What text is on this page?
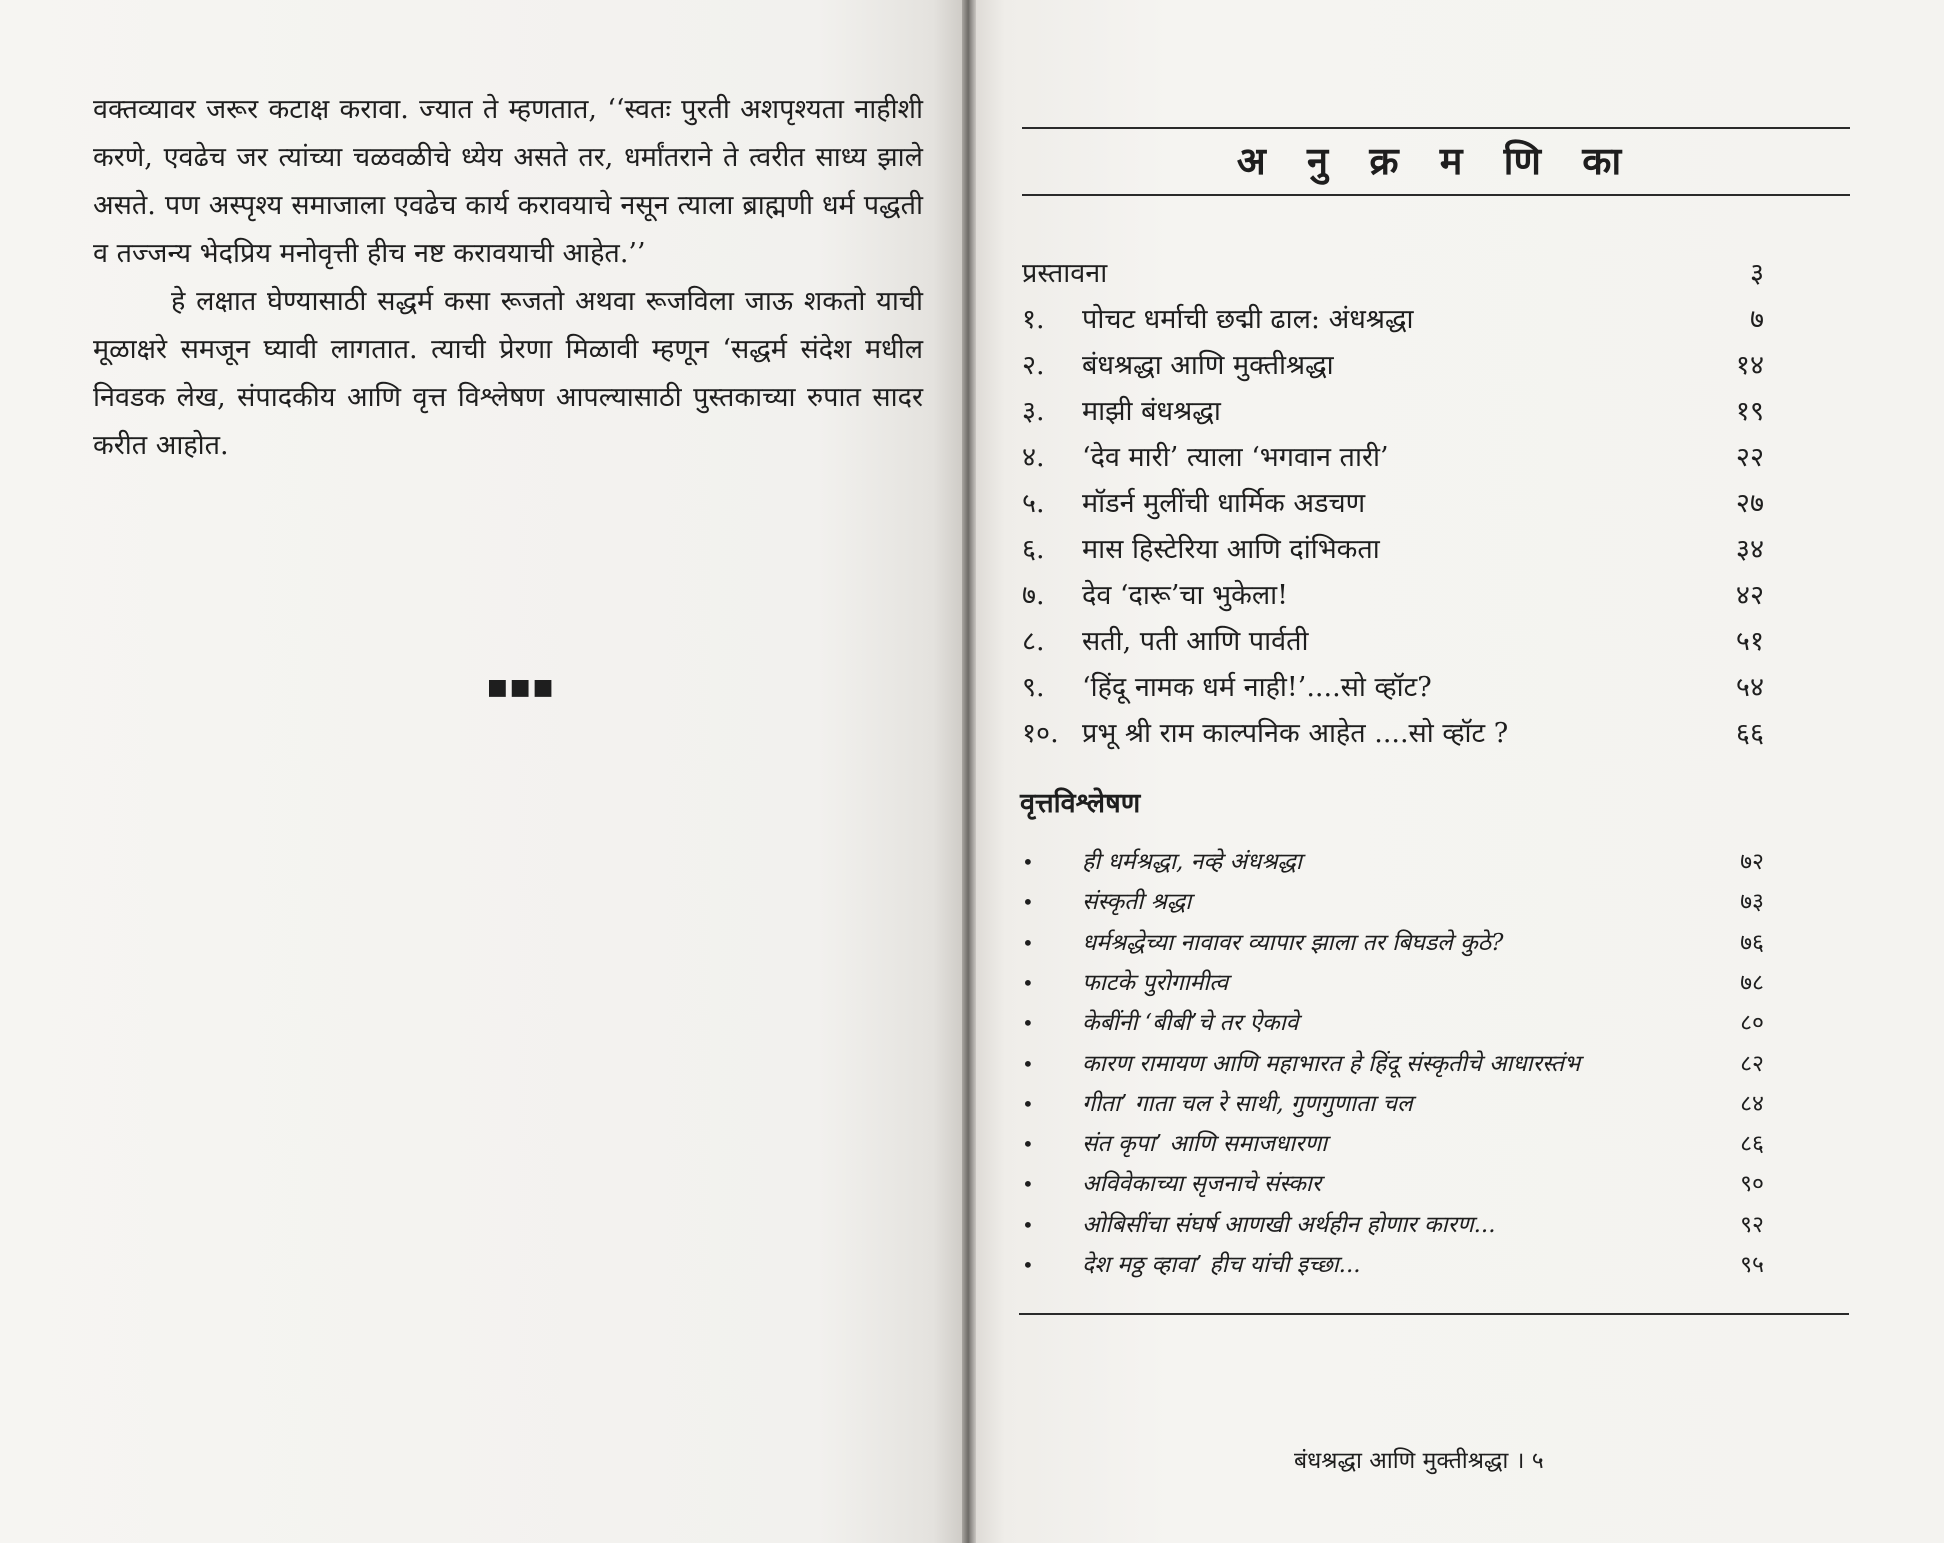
वक्तव्यावर जरूर कटाक्ष करावा. ज्यात ते म्हणतात, ‘‘स्वतः पुरती अशपृश्यता नाहीशी करणे, एवढेच जर त्यांच्या चळवळीचे ध्येय असते तर, धर्मांतराने ते त्वरीत साध्य झाले असते. पण अस्पृश्य समाजाला एवढेच कार्य करावयाचे नसून त्याला ब्राह्मणी धर्म पद्धती व तज्जन्य भेदप्रिय मनोवृत्ती हीच नष्ट करावयाची आहेत.’’

हे लक्षात घेण्यासाठी सद्धर्म कसा रूजतो अथवा रूजविला जाऊ शकतो याची मूळाक्षरे समजून घ्यावी लागतात. त्याची प्रेरणा मिळावी म्हणून ‘सद्धर्म संदेश मधील निवडक लेख, संपादकीय आणि वृत्त विश्लेषण आपल्यासाठी पुस्तकाच्या रुपात सादर करीत आहोत.

■■■
अ नु क्र म णि का
प्रस्तावना	३
१.	पोचट धर्माची छद्मी ढाल: अंधश्रद्धा	७
२.	बंधश्रद्धा आणि मुक्तीश्रद्धा	१४
३.	माझी बंधश्रद्धा	१९
४.	‘देव मारी’ त्याला ‘भगवान तारी’	२२
५.	मॉडर्न मुलींची धार्मिक अडचण	२७
६.	मास हिस्टेरिया आणि दांभिकता	३४
७.	देव ‘दारू’चा भुकेला!	४२
८.	सती, पती आणि पार्वती	५१
९.	‘हिंदू नामक धर्म नाही!’....सो व्हॉट?	५४
१०. प्रभू श्री राम काल्पनिक आहेत ....सो व्हॉट ?	६६
वृत्तविश्लेषण
• ही धर्मश्रद्धा, नव्हे अंधश्रद्धा	७२
• संस्कृती श्रद्धा	७३
• धर्मश्रद्धेच्या नावावर व्यापार झाला तर बिघडले कुठे?	७६
• फाटके पुरोगामीत्व	७८
• केबींनी ‘बीबी’चे तर ऐकावे	८०
• कारण रामायण आणि महाभारत हे हिंदू संस्कृतीचे आधारस्तंभ	८२
• गीता’ गाता चल रे साथी, गुणगुणाता चल	८४
• संत कृपा’ आणि समाजधारणा	८६
• अविवेकाच्या सृजनाचे संस्कार	९०
• ओबिसींचा संघर्ष आणखी अर्थहीन होणार कारण...	९२
• देश मठ्ठ व्हावा’ हीच यांची इच्छा...	९५
बंधश्रद्धा आणि मुक्तीश्रद्धा । ५
